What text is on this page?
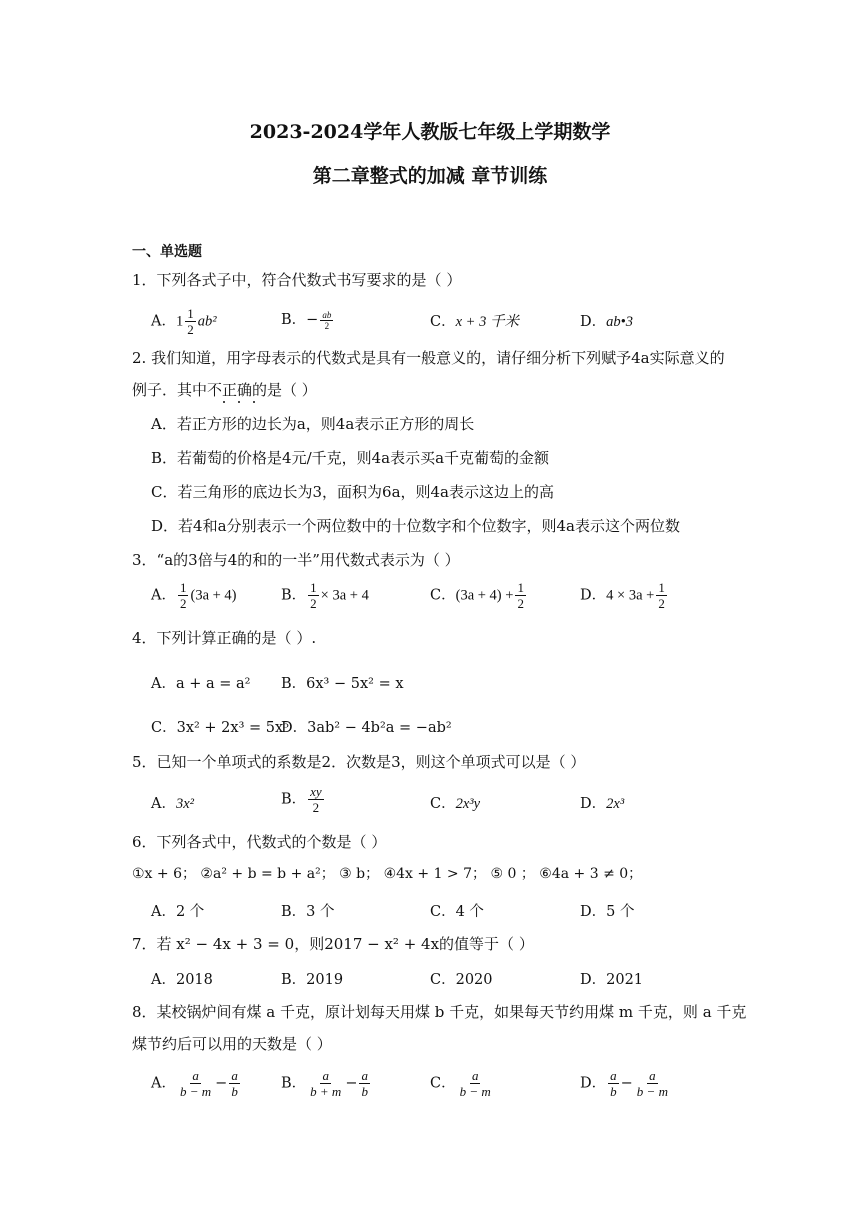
2023-2024学年人教版七年级上学期数学
第二章整式的加减 章节训练
一、单选题
1．下列各式子中，符合代数式书写要求的是（ ）
A．$1 \frac{1}{2} ab^2$	B．− $\frac{ab}{2}$	C．x + 3 千米	D．ab•3
2. 我们知道，用字母表示的代数式是具有一般意义的，请仔细分析下列赋予4a实际意义的
例子．其中不正确的是（ ）
A．若正方形的边长为a，则4a表示正方形的周长
B．若葡萄的价格是4元/千克，则4a表示买a千克葡萄的金额
C．若三角形的底边长为3，面积为6a，则4a表示这边上的高
D．若4和a分别表示一个两位数中的十位数字和个位数字，则4a表示这个两位数
3．“a的3倍与4的和的一半”用代数式表示为（ ）
A． $\frac{1}{2} (3a + 4)$	B． $\frac{1}{2} \times 3a + 4$	C．$(3a + 4) + \frac{1}{2}$	D．$4 \times 3a + \frac{1}{2}$
4．下列计算正确的是（ ）.
A．a + a = a² B．6x³ − 5x² = x
C．3x² + 2x³ = 5x⁵
D．3ab² − 4b²a = −ab²
5．已知一个单项式的系数是2．次数是3，则这个单项式可以是（ ）
A．3x²	B． $\frac{xy}{2}$	C．2x³y	D．2x³
6．下列各式中，代数式的个数是（ ）
①x + 6； ②a² + b = b + a²； ③ b； ④4x + 1 > 7； ⑤ 0 ； ⑥4a + 3 ≠ 0；
A．2 个	B．3 个	C．4 个	D．5 个
7．若 x² − 4x + 3 = 0，则2017 − x² + 4x的值等于（ ）
A．2018	B．2019	C．2020	D．2021
8．某校锅炉间有煤 a 千克，原计划每天用煤 b 千克，如果每天节约用煤 m 千克，则 a 千克
煤节约后可以用的天数是（ ）
A． $\frac{a}{b - m} - \frac{a}{b}$	B． $\frac{a}{b + m} - \frac{a}{b}$	C． $\frac{a}{b - m}$	D． $\frac{a}{b} - \frac{a}{b - m}$
